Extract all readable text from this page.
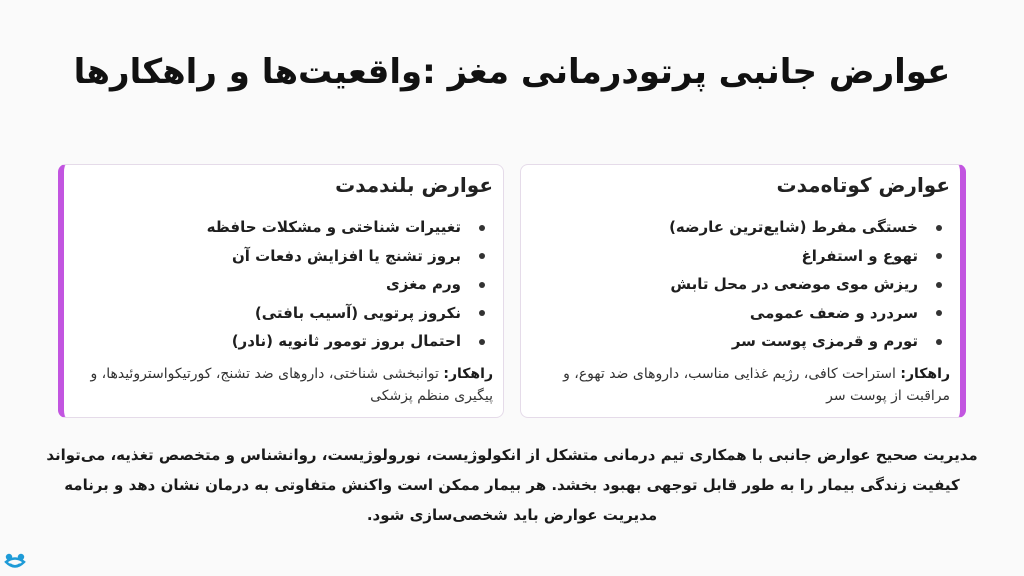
عوارض جانبی پرتودرمانی مغز :واقعیت‌ها و راهکارها
عوارض کوتاه‌مدت
خستگی مفرط (شایع‌ترین عارضه)
تهوع و استفراغ
ریزش موی موضعی در محل تابش
سردرد و ضعف عمومی
تورم و قرمزی پوست سر
راهکار: استراحت کافی، رژیم غذایی مناسب، داروهای ضد تهوع، و مراقبت از پوست سر
عوارض بلندمدت
تغییرات شناختی و مشکلات حافظه
بروز تشنج یا افزایش دفعات آن
ورم مغزی
نکروز پرتویی (آسیب بافتی)
احتمال بروز تومور ثانویه (نادر)
راهکار: توانبخشی شناختی، داروهای ضد تشنج، کورتیکواستروئیدها، و پیگیری منظم پزشکی
مدیریت صحیح عوارض جانبی با همکاری تیم درمانی متشکل از انکولوژیست، نورولوژیست، روانشناس و متخصص تغذیه، می‌تواند کیفیت زندگی بیمار را به طور قابل توجهی بهبود بخشد. هر بیمار ممکن است واکنش متفاوتی به درمان نشان دهد و برنامه مدیریت عوارض باید شخصی‌سازی شود.
